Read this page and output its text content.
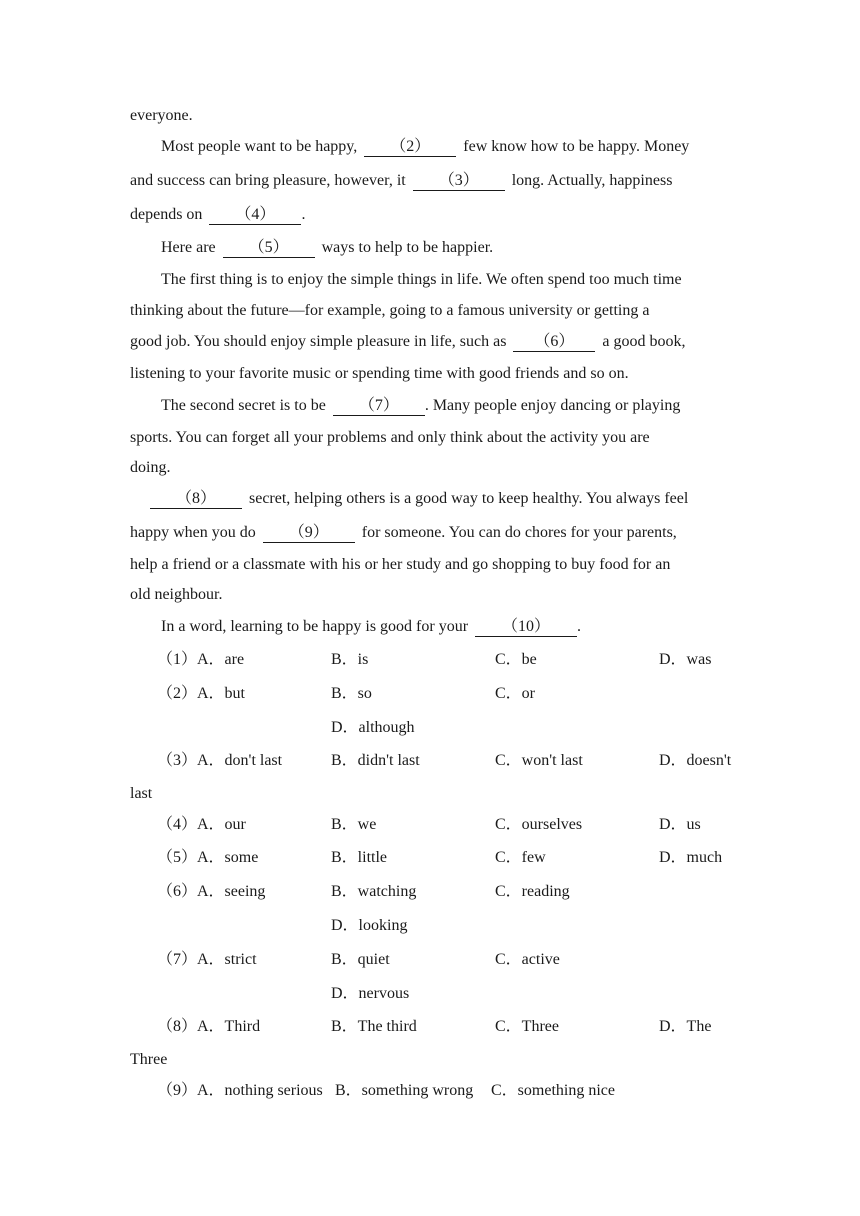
everyone.
Most people want to be happy, （2） few know how to be happy. Money
and success can bring pleasure, however, it （3） long. Actually, happiness
depends on （4） .
Here are （5） ways to help to be happier.
The first thing is to enjoy the simple things in life. We often spend too much time
thinking about the future—for example, going to a famous university or getting a
good job. You should enjoy simple pleasure in life, such as （6） a good book,
listening to your favorite music or spending time with good friends and so on.
The second secret is to be （7） . Many people enjoy dancing or playing
sports. You can forget all your problems and only think about the activity you are
doing.
（8） secret, helping others is a good way to keep healthy. You always feel
happy when you do （9） for someone. You can do chores for your parents,
help a friend or a classmate with his or her study and go shopping to buy food for an
old neighbour.
In a word, learning to be happy is good for your （10） .
（1）A．are	B．is	C．be	D．was
（2）A．but	B．so	C．or
D．although
（3）A．don't last	B．didn't last	C．won't last	D．doesn't
last
（4）A．our	B．we	C．ourselves	D．us
（5）A．some	B．little	C．few	D．much
（6）A．seeing	B．watching	C．reading
D．looking
（7）A．strict	B．quiet	C．active
D．nervous
（8）A．Third	B．The third	C．Three	D．The
Three
（9）A．nothing serious B．something wrong C．something nice
